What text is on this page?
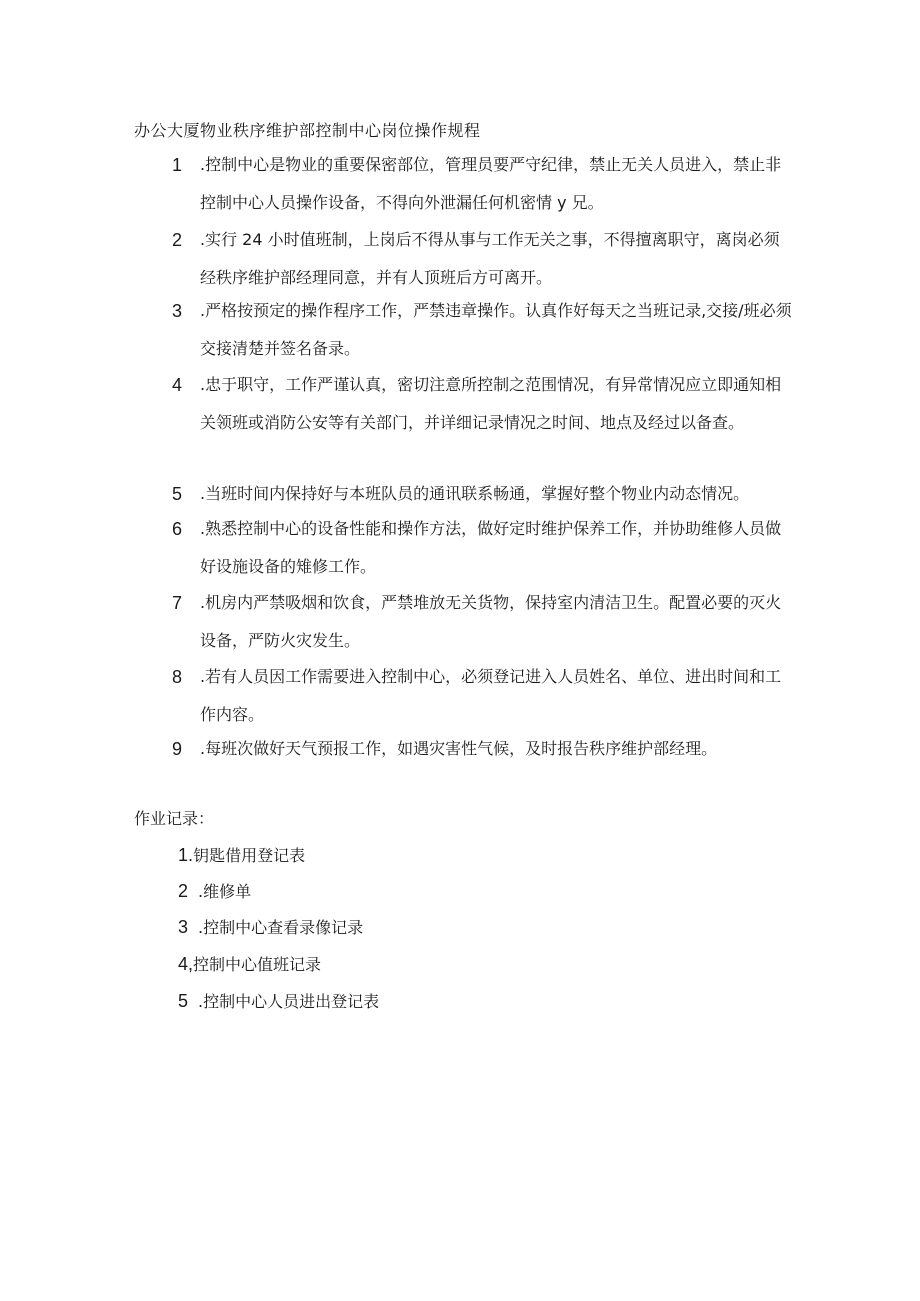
办公大厦物业秩序维护部控制中心岗位操作规程
1	.控制中心是物业的重要保密部位，管理员要严守纪律，禁止无关人员进入，禁止非控制中心人员操作设备，不得向外泄漏任何机密情 y 兄。
2	.实行 24 小时值班制，上岗后不得从事与工作无关之事，不得擅离职守，离岗必须经秩序维护部经理同意，并有人顶班后方可离开。
3	.严格按预定的操作程序工作，严禁违章操作。认真作好每天之当班记录,交接/班必须交接清楚并签名备录。
4	.忠于职守，工作严谨认真，密切注意所控制之范围情况，有异常情况应立即通知相关领班或消防公安等有关部门，并详细记录情况之时间、地点及经过以备查。
5	.当班时间内保持好与本班队员的通讯联系畅通，掌握好整个物业内动态情况。
6	.熟悉控制中心的设备性能和操作方法，做好定时维护保养工作，并协助维修人员做好设施设备的雉修工作。
7	.机房内严禁吸烟和饮食，严禁堆放无关货物，保持室内清洁卫生。配置必要的灭火设备，严防火灾发生。
8	.若有人员因工作需要进入控制中心，必须登记进入人员姓名、单位、进出时间和工作内容。
9	.每班次做好天气预报工作，如遇灾害性气候，及时报告秩序维护部经理。
作业记录：
1.钥匙借用登记表
2 .维修单
3 .控制中心查看录像记录
4,控制中心值班记录
5 .控制中心人员进出登记表
